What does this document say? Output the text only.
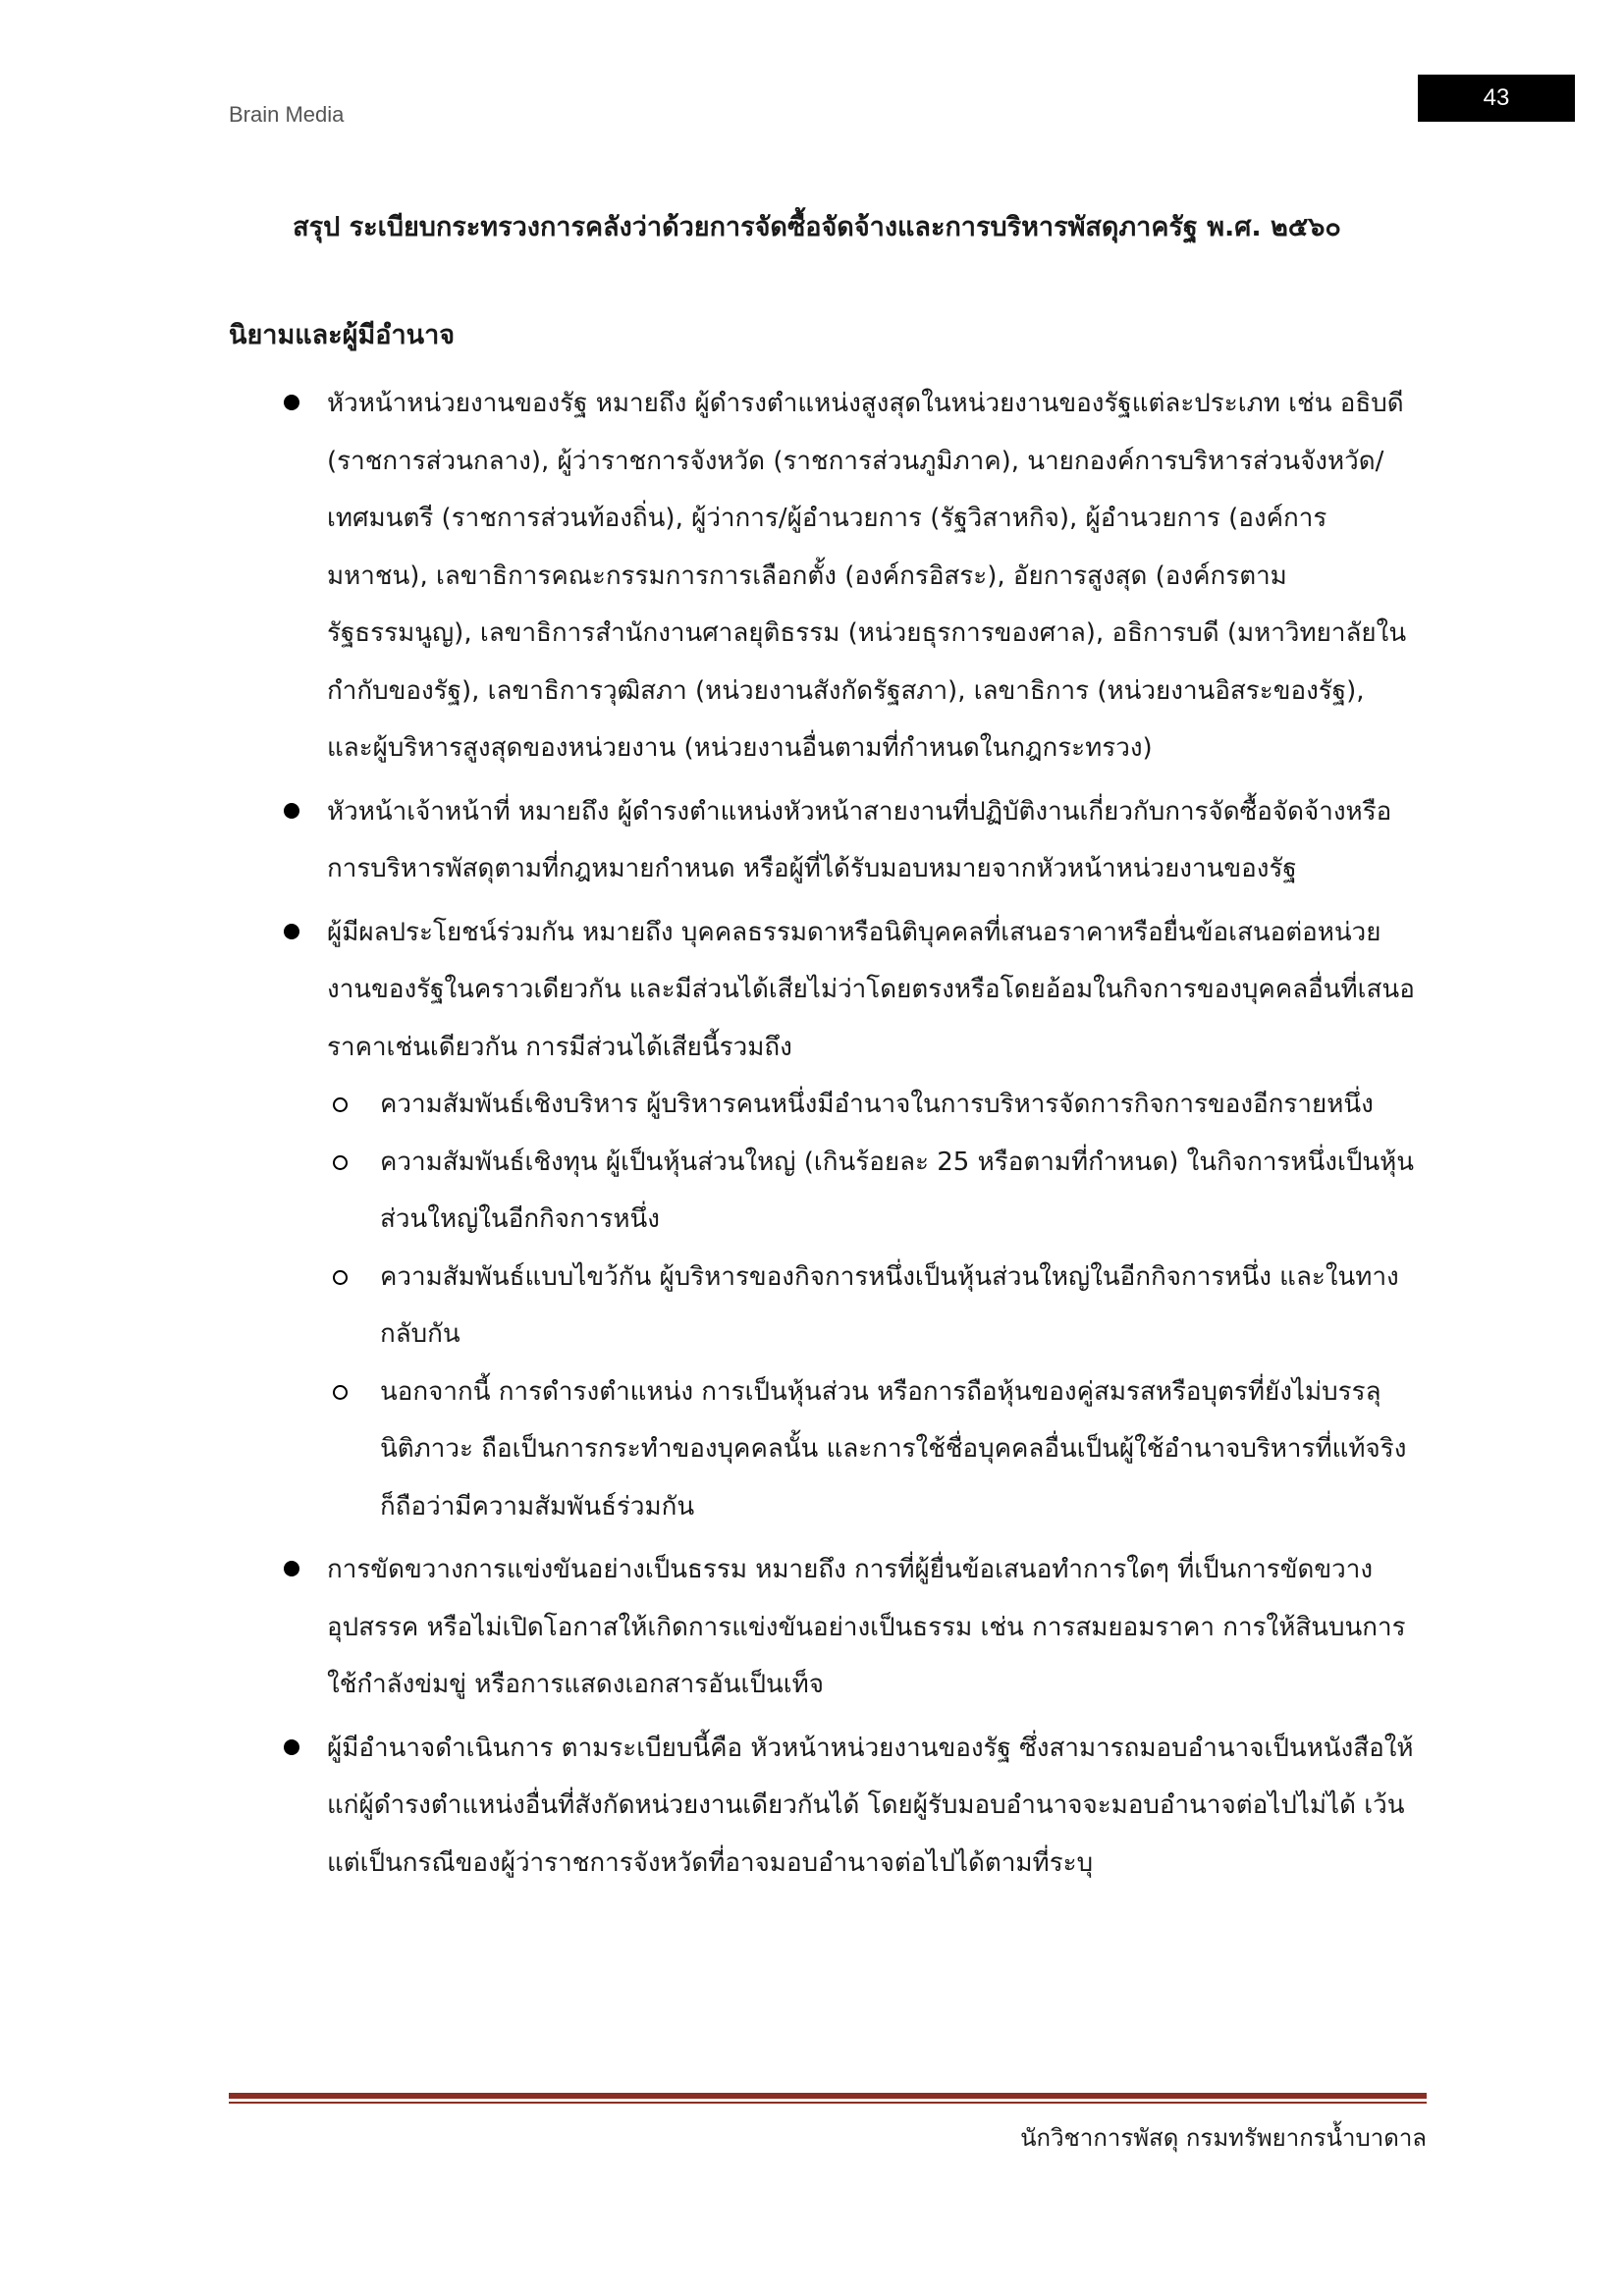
Brain Media
43
สรุป ระเบียบกระทรวงการคลังว่าด้วยการจัดซื้อจัดจ้างและการบริหารพัสดุภาครัฐ พ.ศ. ๒๕๖๐
นิยามและผู้มีอำนาจ
หัวหน้าหน่วยงานของรัฐ หมายถึง ผู้ดำรงตำแหน่งสูงสุดในหน่วยงานของรัฐแต่ละประเภท เช่น อธิบดี (ราชการส่วนกลาง), ผู้ว่าราชการจังหวัด (ราชการส่วนภูมิภาค), นายกองค์การบริหารส่วนจังหวัด/เทศมนตรี (ราชการส่วนท้องถิ่น), ผู้ว่าการ/ผู้อำนวยการ (รัฐวิสาหกิจ), ผู้อำนวยการ (องค์การมหาชน), เลขาธิการคณะกรรมการการเลือกตั้ง (องค์กรอิสระ), อัยการสูงสุด (องค์กรตามรัฐธรรมนูญ), เลขาธิการสำนักงานศาลยุติธรรม (หน่วยธุรการของศาล), อธิการบดี (มหาวิทยาลัยในกำกับของรัฐ), เลขาธิการวุฒิสภา (หน่วยงานสังกัดรัฐสภา), เลขาธิการ (หน่วยงานอิสระของรัฐ), และผู้บริหารสูงสุดของหน่วยงาน (หน่วยงานอื่นตามที่กำหนดในกฎกระทรวง)
หัวหน้าเจ้าหน้าที่ หมายถึง ผู้ดำรงตำแหน่งหัวหน้าสายงานที่ปฏิบัติงานเกี่ยวกับการจัดซื้อจัดจ้างหรือการบริหารพัสดุตามที่กฎหมายกำหนด หรือผู้ที่ได้รับมอบหมายจากหัวหน้าหน่วยงานของรัฐ
ผู้มีผลประโยชน์ร่วมกัน หมายถึง บุคคลธรรมดาหรือนิติบุคคลที่เสนอราคาหรือยื่นข้อเสนอต่อหน่วยงานของรัฐในคราวเดียวกัน และมีส่วนได้เสียไม่ว่าโดยตรงหรือโดยอ้อมในกิจการของบุคคลอื่นที่เสนอราคาเช่นเดียวกัน การมีส่วนได้เสียนี้รวมถึง
ความสัมพันธ์เชิงบริหาร ผู้บริหารคนหนึ่งมีอำนาจในการบริหารจัดการกิจการของอีกรายหนึ่ง
ความสัมพันธ์เชิงทุน ผู้เป็นหุ้นส่วนใหญ่ (เกินร้อยละ 25 หรือตามที่กำหนด) ในกิจการหนึ่งเป็นหุ้นส่วนใหญ่ในอีกกิจการหนึ่ง
ความสัมพันธ์แบบไขว้กัน ผู้บริหารของกิจการหนึ่งเป็นหุ้นส่วนใหญ่ในอีกกิจการหนึ่ง และในทางกลับกัน
นอกจากนี้ การดำรงตำแหน่ง การเป็นหุ้นส่วน หรือการถือหุ้นของคู่สมรสหรือบุตรที่ยังไม่บรรลุนิติภาวะ ถือเป็นการกระทำของบุคคลนั้น และการใช้ชื่อบุคคลอื่นเป็นผู้ใช้อำนาจบริหารที่แท้จริง ก็ถือว่ามีความสัมพันธ์ร่วมกัน
การขัดขวางการแข่งขันอย่างเป็นธรรม หมายถึง การที่ผู้ยื่นข้อเสนอทำการใดๆ ที่เป็นการขัดขวางอุปสรรค หรือไม่เปิดโอกาสให้เกิดการแข่งขันอย่างเป็นธรรม เช่น การสมยอมราคา การให้สินบนการใช้กำลังข่มขู่ หรือการแสดงเอกสารอันเป็นเท็จ
ผู้มีอำนาจดำเนินการ ตามระเบียบนี้คือ หัวหน้าหน่วยงานของรัฐ ซึ่งสามารถมอบอำนาจเป็นหนังสือให้แก่ผู้ดำรงตำแหน่งอื่นที่สังกัดหน่วยงานเดียวกันได้ โดยผู้รับมอบอำนาจจะมอบอำนาจต่อไปไม่ได้ เว้นแต่เป็นกรณีของผู้ว่าราชการจังหวัดที่อาจมอบอำนาจต่อไปได้ตามที่ระบุ
นักวิชาการพัสดุ กรมทรัพยากรน้ำบาดาล
